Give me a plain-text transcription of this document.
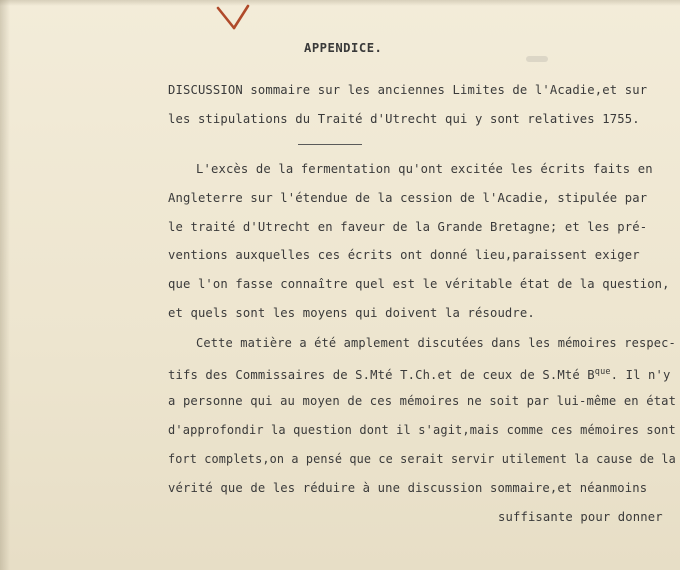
APPENDICE.
DISCUSSION sommaire sur les anciennes Limites de l'Acadie,et sur
les stipulations du Traité d'Utrecht qui y sont relatives 1755.
L'excès de la fermentation qu'ont excitée les écrits faits en
Angleterre sur l'étendue de la cession de l'Acadie, stipulée par
le traité d'Utrecht en faveur de la Grande Bretagne; et les pré-
ventions auxquelles ces écrits ont donné lieu,paraissent exiger
que l'on fasse connaître quel est le véritable état de la question,
et quels sont les moyens qui doivent la résoudre.
Cette matière a été amplement discutées dans les mémoires respec-
tifs des Commissaires de S.Mté T.Ch.et de ceux de S.Mté $B^{que}$. Il n'y
a personne qui au moyen de ces mémoires ne soit par lui-même en état
d'approfondir la question dont il s'agit,mais comme ces mémoires sont
fort complets,on a pensé que ce serait servir utilement la cause de la
vérité que de les réduire à une discussion sommaire,et néanmoins
suffisante pour donner
